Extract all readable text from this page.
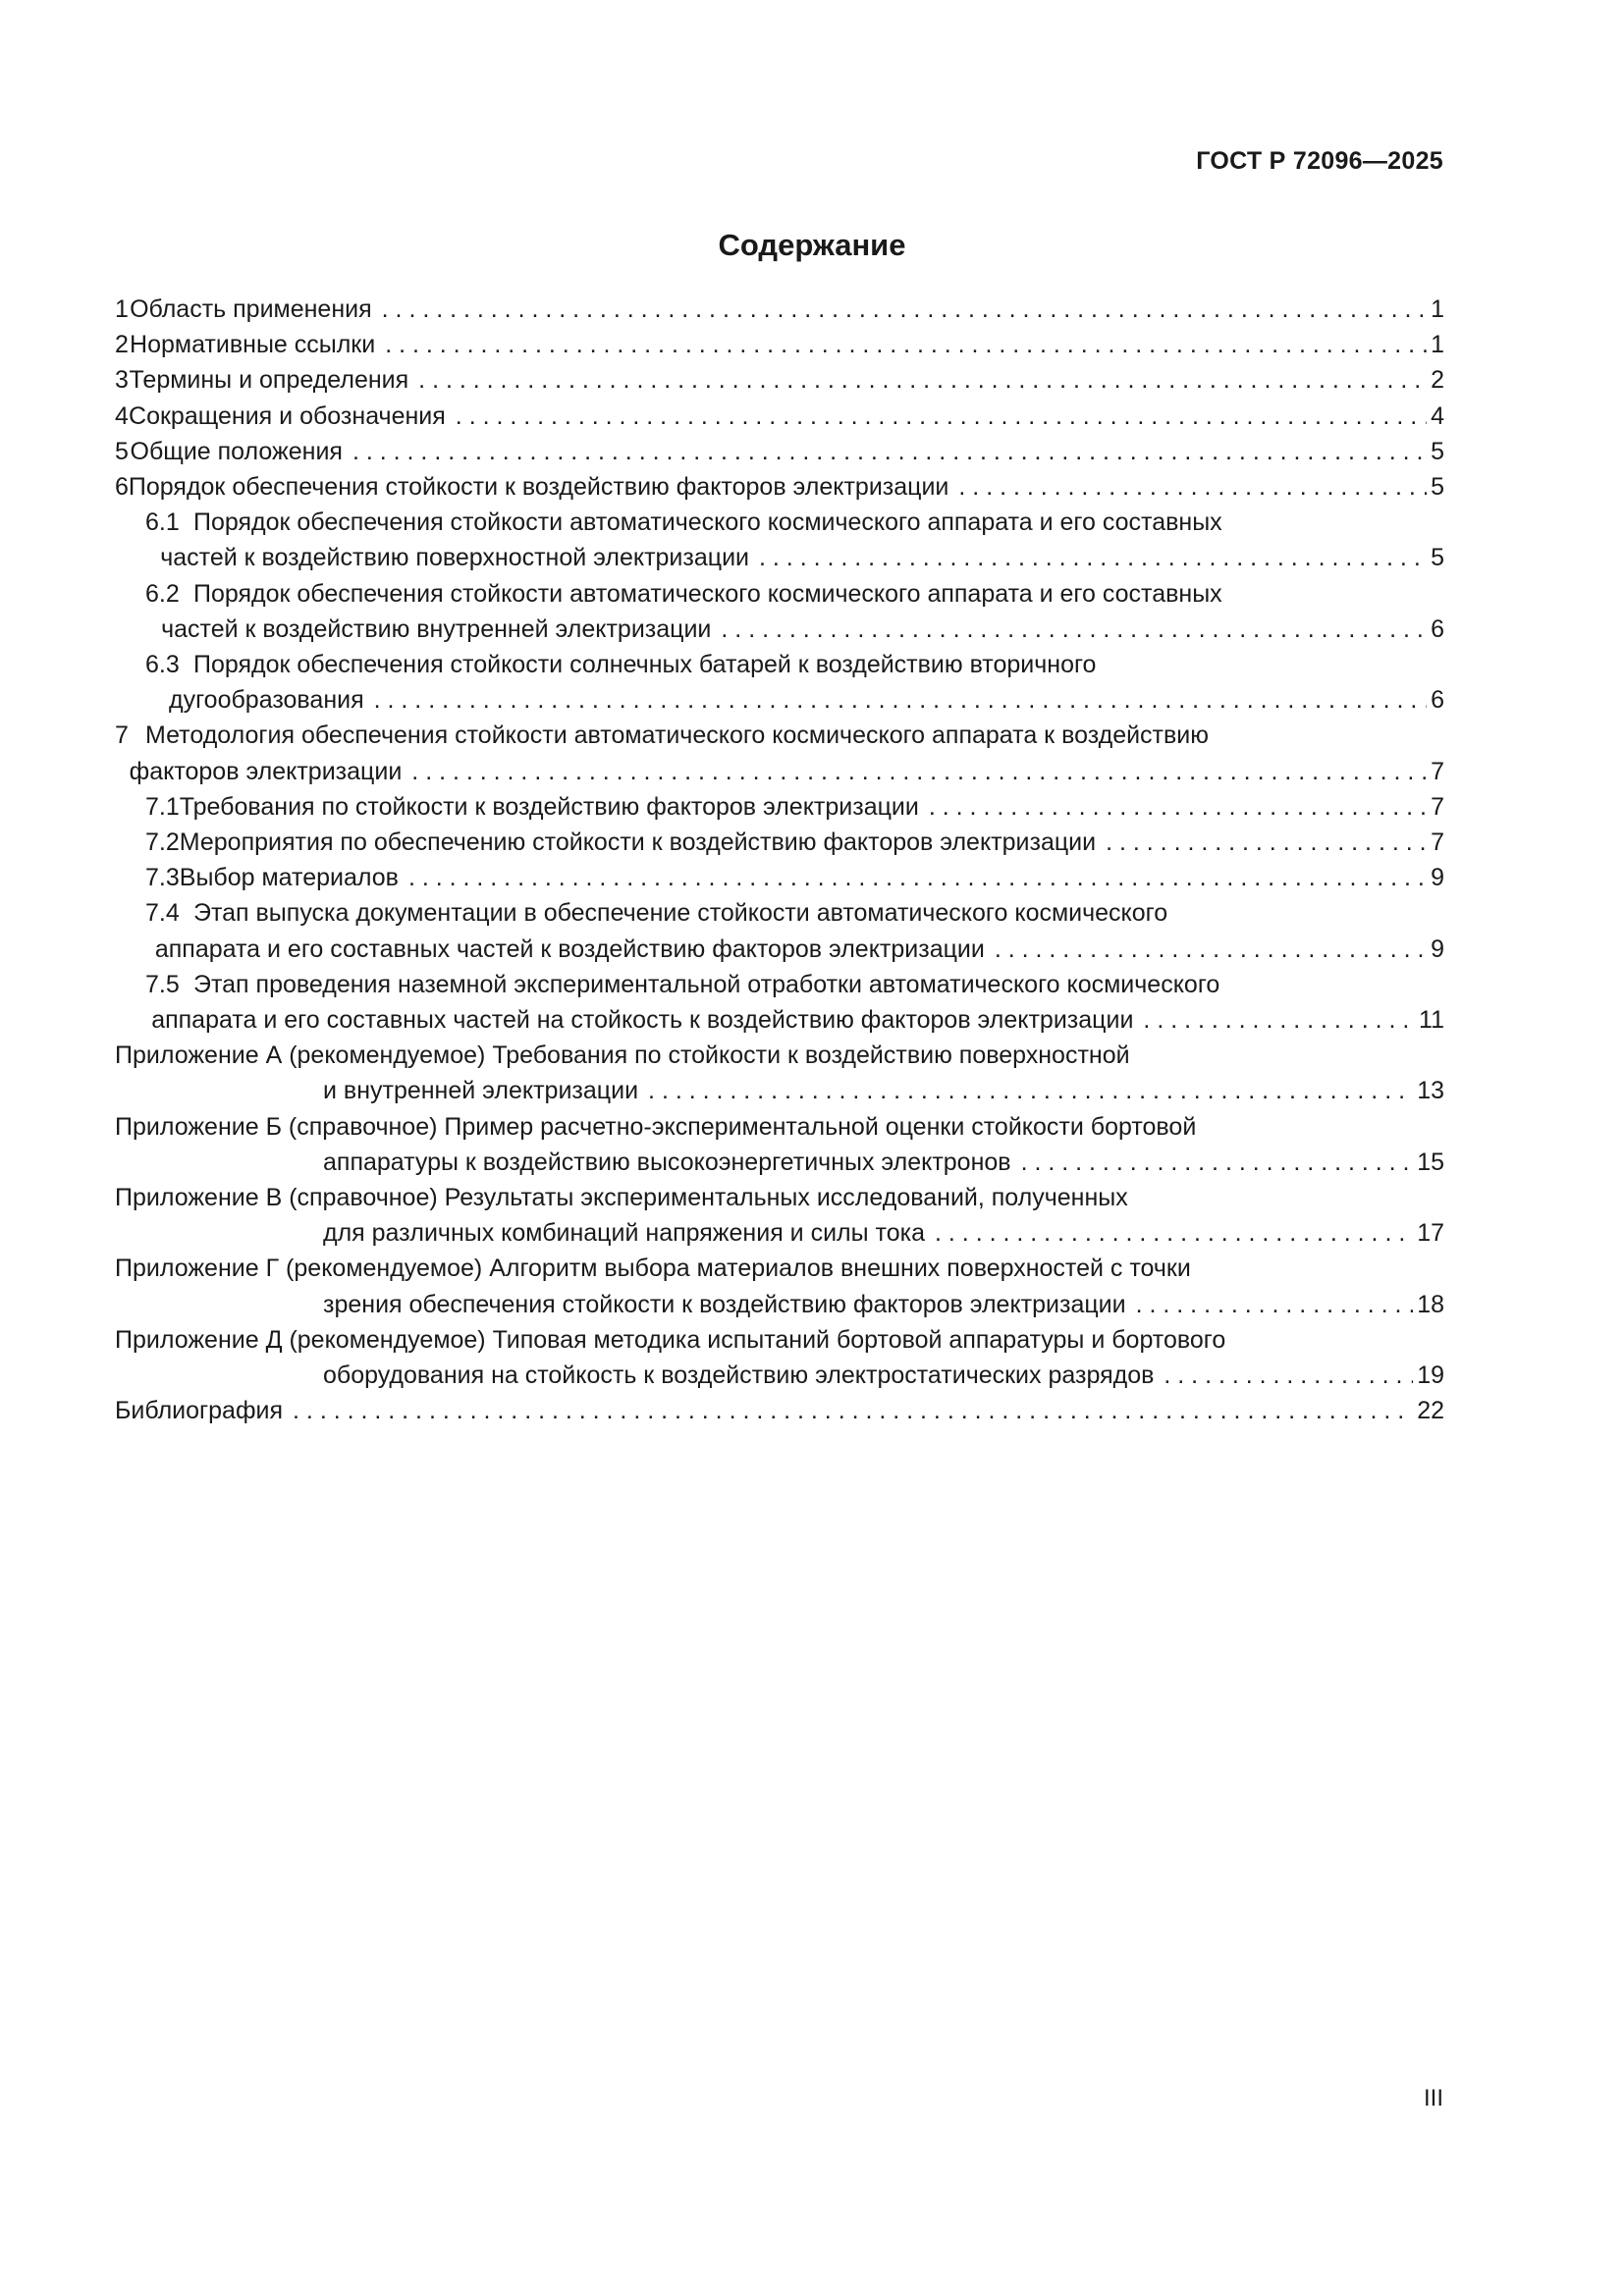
ГОСТ Р 72096—2025
Содержание
1 Область применения . . .	1
2 Нормативные ссылки . . .	1
3 Термины и определения . . .	2
4 Сокращения и обозначения . . .	4
5 Общие положения . . .	5
6 Порядок обеспечения стойкости к воздействию факторов электризации . . .	5
6.1 Порядок обеспечения стойкости автоматического космического аппарата и его составных
частей к воздействию поверхностной электризации . . .	5
6.2 Порядок обеспечения стойкости автоматического космического аппарата и его составных
частей к воздействию внутренней электризации . . .	6
6.3 Порядок обеспечения стойкости солнечных батарей к воздействию вторичного
дугообразования . . .	6
7 Методология обеспечения стойкости автоматического космического аппарата к воздействию
факторов электризации . . .	7
7.1 Требования по стойкости к воздействию факторов электризации . . .	7
7.2 Мероприятия по обеспечению стойкости к воздействию факторов электризации . . .	7
7.3 Выбор материалов . . .	9
7.4 Этап выпуска документации в обеспечение стойкости автоматического космического
аппарата и его составных частей к воздействию факторов электризации . . .	9
7.5 Этап проведения наземной экспериментальной отработки автоматического космического
аппарата и его составных частей на стойкость к воздействию факторов электризации . . .	11
Приложение А (рекомендуемое) Требования по стойкости к воздействию поверхностной
и внутренней электризации . . .	13
Приложение Б (справочное) Пример расчетно-экспериментальной оценки стойкости бортовой
аппаратуры к воздействию высокоэнергетичных электронов . . .	15
Приложение В (справочное) Результаты экспериментальных исследований, полученных
для различных комбинаций напряжения и силы тока . . .	17
Приложение Г (рекомендуемое) Алгоритм выбора материалов внешних поверхностей с точки
зрения обеспечения стойкости к воздействию факторов электризации . . .	18
Приложение Д (рекомендуемое) Типовая методика испытаний бортовой аппаратуры и бортового
оборудования на стойкость к воздействию электростатических разрядов . . .	19
Библиография . . .	22
III
